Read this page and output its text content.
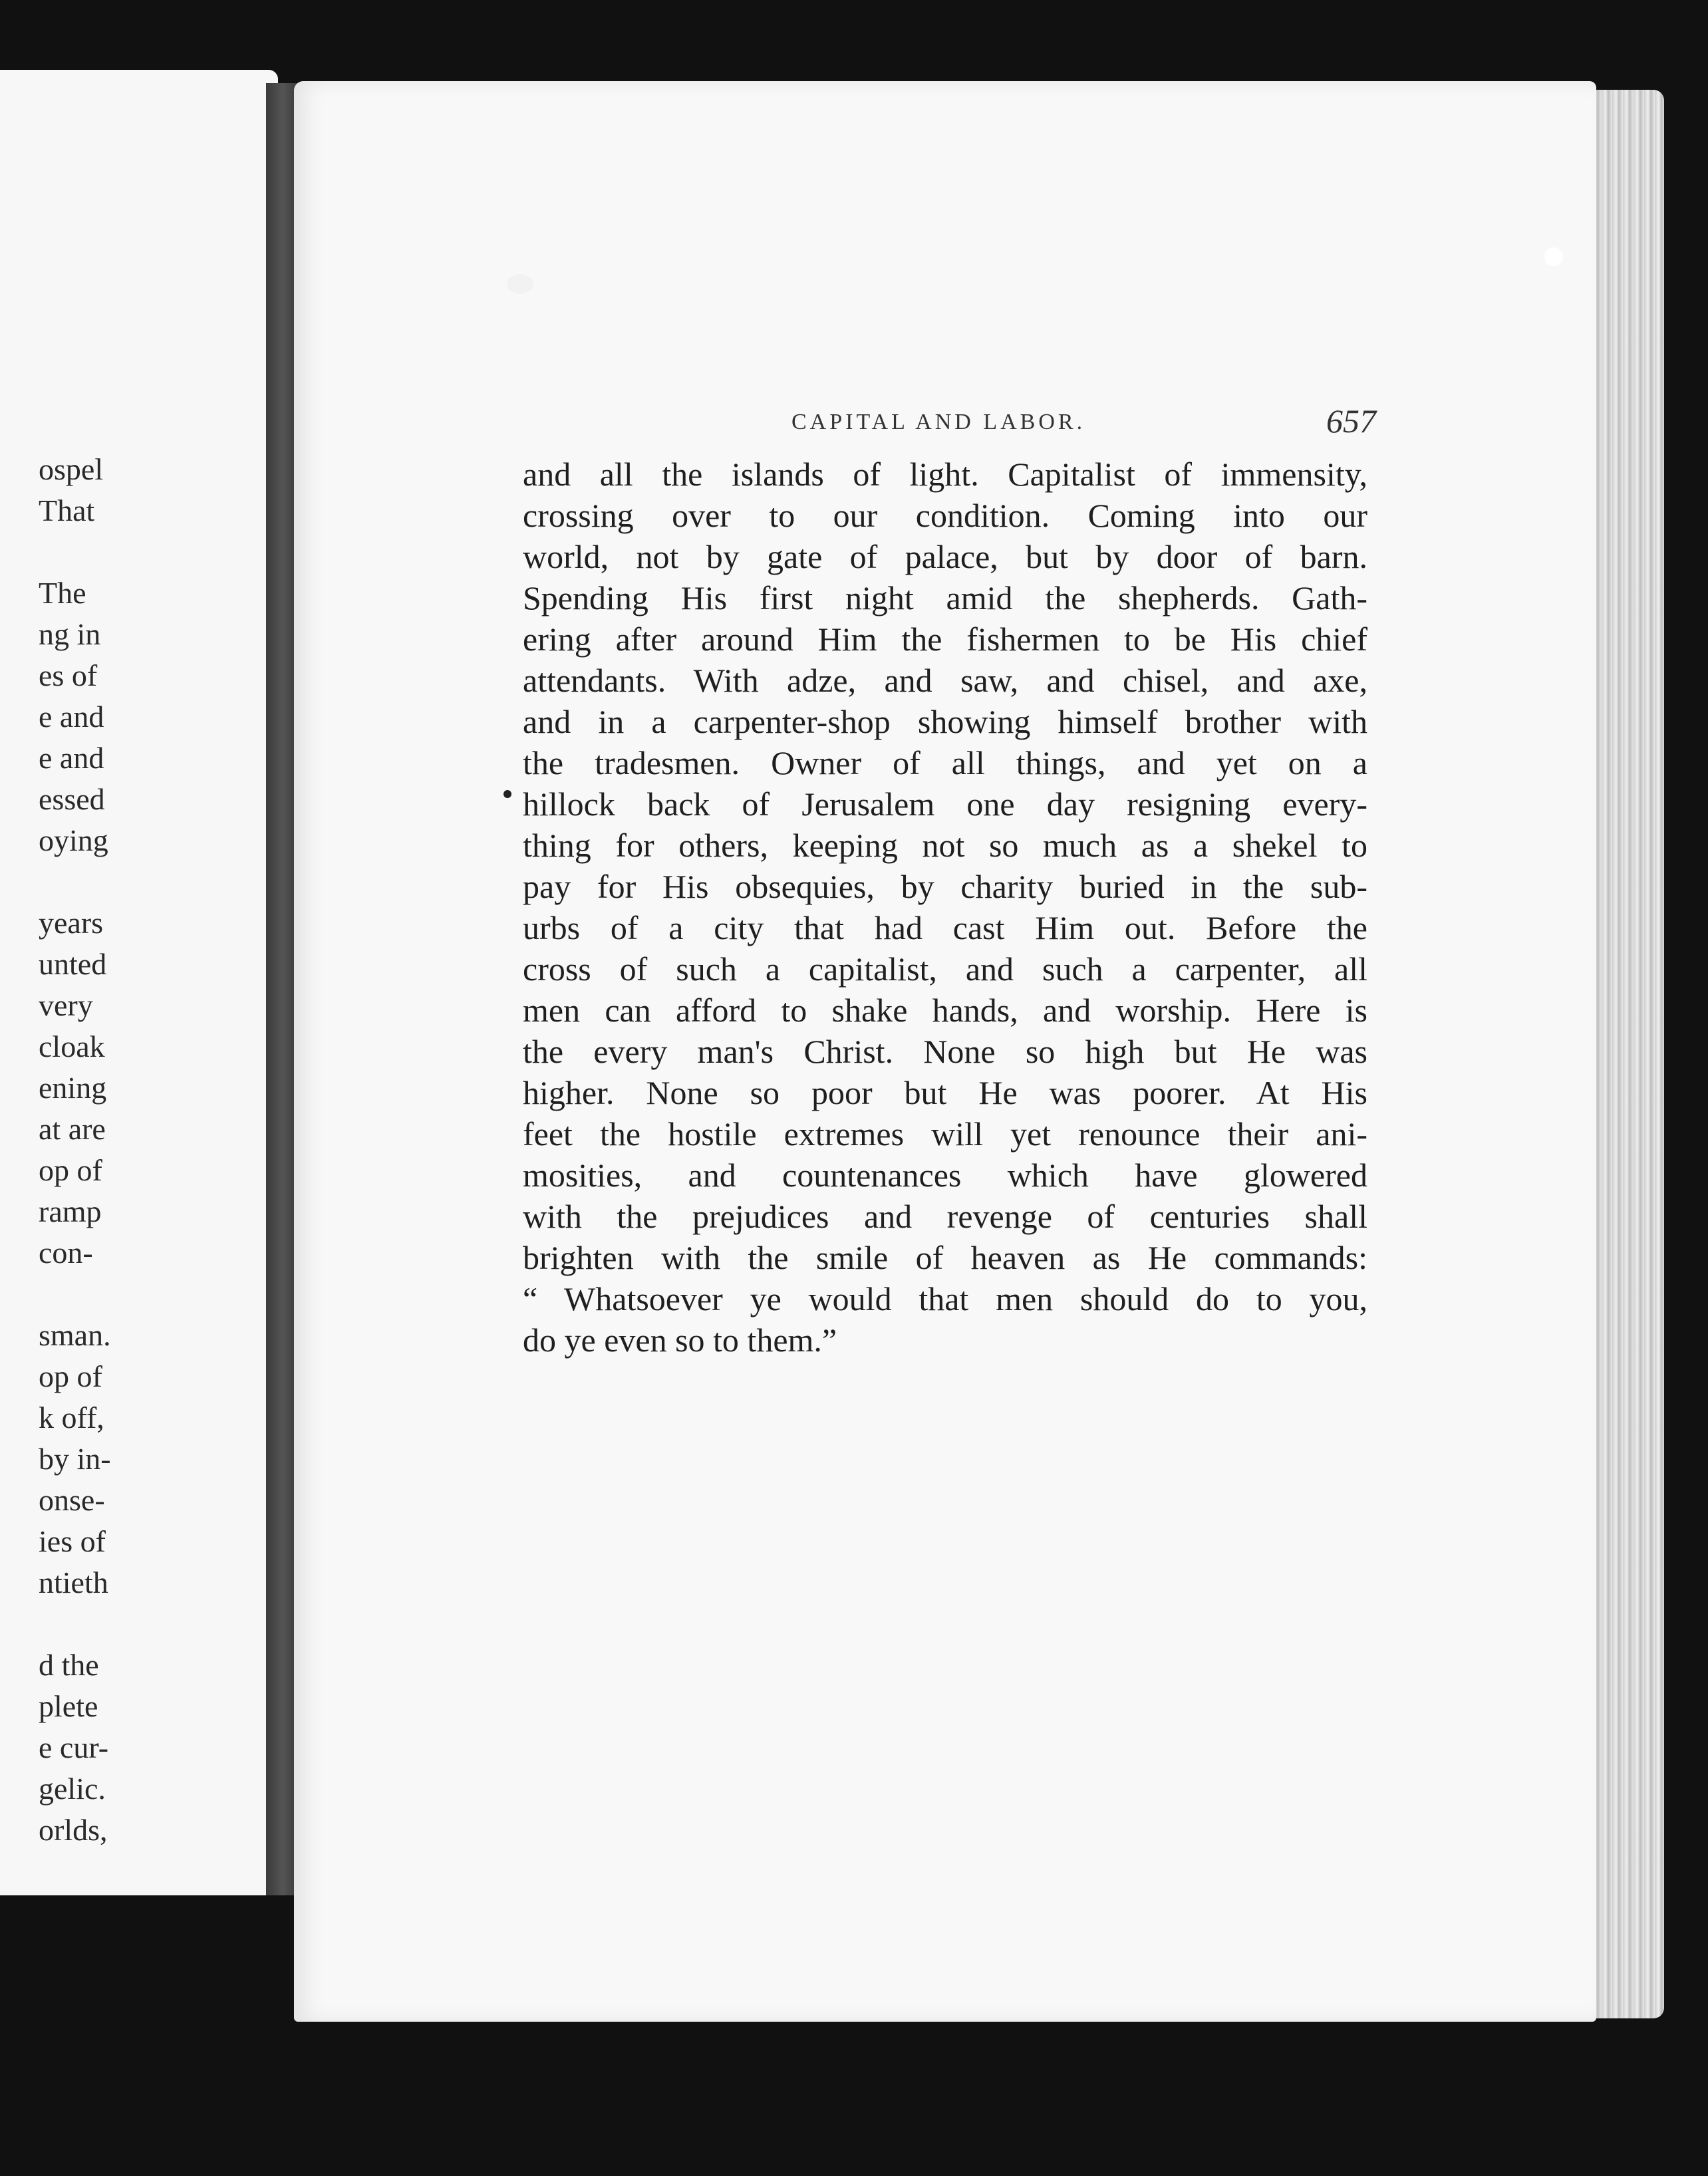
ospel
That
The
ng in
es of
e and
e and
essed
oying
years
unted
very
cloak
ening
at are
op of
ramp
con-
sman.
op of
k off,
by in-
onse-
ies of
ntieth
d the
plete
e cur-
gelic.
orlds,
CAPITAL AND LABOR.	657
and all the islands of light. Capitalist of immensity,
crossing over to our condition. Coming into our
world, not by gate of palace, but by door of barn.
Spending His first night amid the shepherds. Gath-
ering after around Him the fishermen to be His chief
attendants. With adze, and saw, and chisel, and axe,
and in a carpenter-shop showing himself brother with
the tradesmen. Owner of all things, and yet on a
hillock back of Jerusalem one day resigning every-
thing for others, keeping not so much as a shekel to
pay for His obsequies, by charity buried in the sub-
urbs of a city that had cast Him out. Before the
cross of such a capitalist, and such a carpenter, all
men can afford to shake hands, and worship. Here is
the every man's Christ. None so high but He was
higher. None so poor but He was poorer. At His
feet the hostile extremes will yet renounce their ani-
mosities, and countenances which have glowered
with the prejudices and revenge of centuries shall
brighten with the smile of heaven as He commands:
“ Whatsoever ye would that men should do to you,
do ye even so to them.”
